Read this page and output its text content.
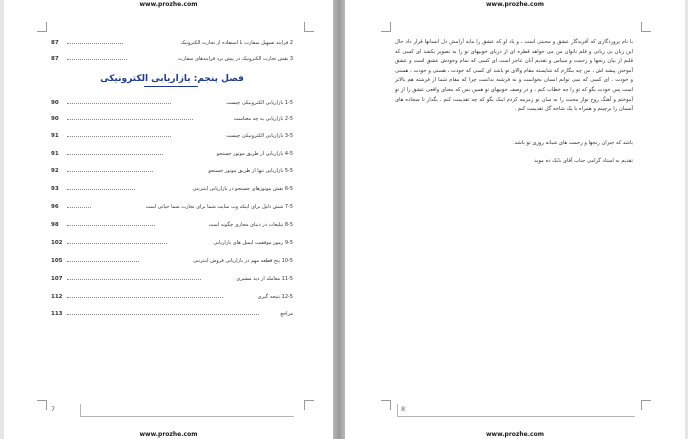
www.prozhe.com
2 فرایند تسهیل سفارت با استفاده از تجارت الکترونیک
87
3 نقش تجارت الکترونیک در پیش برد فرایندهای سفارت
87
فصل پنجم: بازاریابی الکترونیکی
1-5 بازاریابی الکترونیکی چیست
90
2-5 بازاریابی به چه معناست
90
3-5 بازاریابی الکترونیکی چیست
91
4-5 بازاریابی از طریق موتور جستجو
91
5-5 بازاریابی تنها از طریق موتور جستجو
92
6-5 نقش موتورهای جستجو در بازاریابی اینترنتی
93
7-5 شش دلیل برای اینکه وب سایت شما برای تجارت شما حیاتی است
96
8-5 تبلیغات در دنیای مجازی چگونه است
98
9-5 رموز موفقیت ایمیل های بازاریابی
102
10-5 پنج قطعه مهم در بازاریابی فروش اینترنتی
105
11-5 معامله از دید مشتری
107
12-5 نتیجه گیری
112
مراجع
113
7
www.prozhe.com
www.prozhe.com
با نام پروردگاری که آفریدگار عشق و محبتی است ، و یاد او که عشق را مایه آرامش دل انسانها قرار داد حال این زبان بی زبانی و قلم ناتوان من می خواهد قطره ای از دریای خوبیهای تو را به تصویر بکشد ای کسی که قلبم از بیان رنجها و زحمت و سیاس و تقدیم آنان عاجز است ای کسی که تمام وجودش عشق است و عشق آموختن پیشه اش ، من چه بنگارم که شایسته مقام والای تو باشد ای کسی که خودت ، هستی و خودت ، هستی و خودت ، ای کسی که نمی توانم انسان بخوانمت و نه فرشته بدانمت چرا که مقام شما از فرشته هم بالاتر است پس خودت بگو که تو را چه خطاب کنم ، و در وصف خوبیهای تو همین بس که معنای واقعی عشق را از تو آموختم و آهنگ روح نواز محبت را به سان نو زمزمه کردم اینک بگو که چه تقدیمت کنم ، بگذار تا سجاده های آسمان را برچینم و همراه با یک شاخه گل تقدیمت کنم .
باشد که جبران رنجها و زحمت های شبانه روزی تو باشد.
تقدیم به استاد گرامی جناب آقای بابک ده موبد
8
www.prozhe.com
